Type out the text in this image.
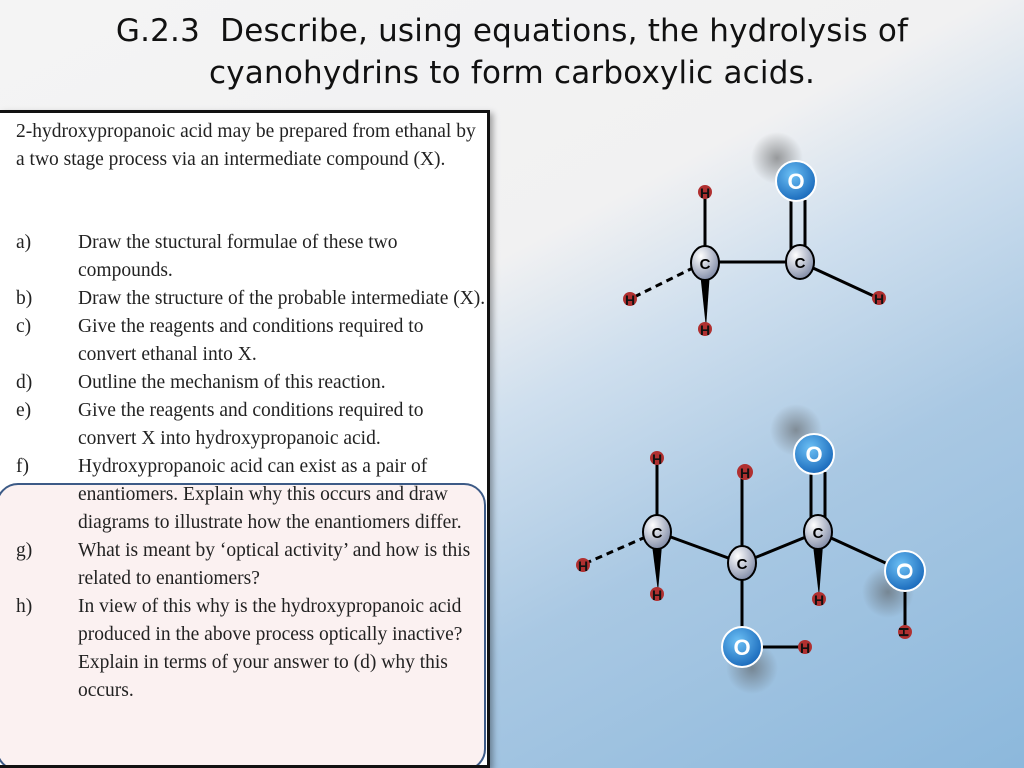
G.2.3  Describe, using equations, the hydrolysis of
cyanohydrins to form carboxylic acids.
2-hydroxypropanoic acid may be prepared from ethanal by a two stage process via an intermediate compound (X).
a)	Draw the stuctural formulae of these two compounds.
b)	Draw the structure of the probable intermediate (X).
c)	Give the reagents and conditions required to convert ethanal into X.
d)	Outline the mechanism of this reaction.
e)	Give the reagents and conditions required to convert X into hydroxypropanoic acid.
f)	Hydroxypropanoic acid can exist as a pair of enantiomers. Explain why this occurs and draw diagrams to illustrate how the enantiomers differ.
g)	What is meant by ‘optical activity’ and how is this related to enantiomers?
h)	In view of this why is the hydroxypropanoic acid produced in the above process optically inactive? Explain in terms of your answer to (d) why this occurs.
O
C	C
H
H
H
H
O
O
O
C
C
C
H
H
H
H
H
H
H
